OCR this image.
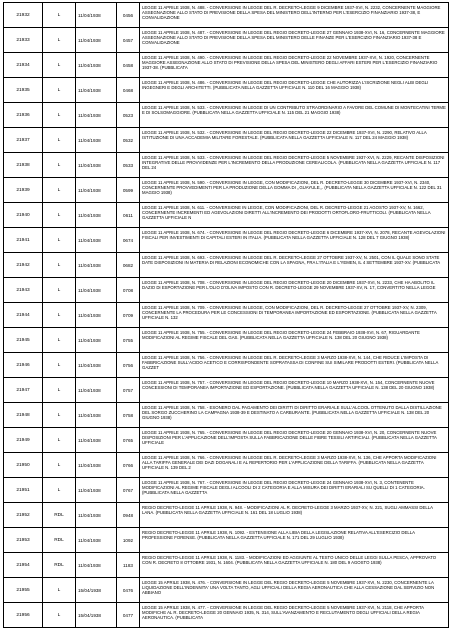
21932	L	11/04/1938	0456	LEGGE 11 APRILE 1938, N. 488. - CONVERSIONE IN LEGGE DEL R. DECRETO-LEGGE 9 DICEMBRE 1937-XVI, N. 2232, CONCERNENTE MAGGIORE ASSEGNAZIONE ALLO STATO DI PREVISIONE DELLA SPESA DEL MINISTERO DELL'INTERNO PER L'ESERCIZIO FINANZIARIO 1937-38, E CONVALIDAZIONE

21933	L	11/04/1938	0457	LEGGE 11 APRILE 1938, N. 487. - CONVERSIONE IN LEGGE DEL REGIO DECRETO-LEGGE 27 GENNAIO 1938-XVI, N. 16, CONCERNENTE MAGGIORE ASSEGNAZIONE ALLO STATO DI PREVISIONE DELLA SPESA DEL MINISTERO DELLE FINANZE PER L'ESERCIZIO FINANZIARIO 1937-38 E CONVALIDAZIONE

21934	L	11/04/1938	0458	LEGGE 11 APRILE 1938, N. 490. - CONVERSIONE IN LEGGE DEL REGIO DECRETO-LEGGE 22 NOVEMBRE 1937-XVI, N. 1920, CONCERNENTE MAGGIORE ASSEGNAZIONE ALLO STATO DI PREVISIONE DELLA SPESA DEL MINISTERO DEGLI AFFARI ESTERI PER L'ESERCIZIO FINANZIARIO 1937-38. (PUBBLICATA

21935	L	11/04/1938	0468	LEGGE 11 APRILE 1938, N. 486. - CONVERSIONE IN LEGGE DEL REGIO DECRETO-LEGGE CHE AUTORIZZA L'ISCRIZIONE NEGLI ALBI DEGLI INGEGNERI E DEGLI ARCHITETTI. (PUBBLICATA NELLA GAZZETTA UFFICIALE N. 110 DEL 16 MAGGIO 1938)

21936	L	11/04/1938	0523	LEGGE 11 APRILE 1938, N. 533. - CONVERSIONE IN LEGGE DI UN CONTRIBUTO STRAORDINARIO A FAVORE DEL COMUNE DI MONTECATINI TERME E DI SOLSOMAGGIORE. (PUBBLICATA NELLA GAZZETTA UFFICIALE N. 115 DEL 21 MAGGIO 1938)

21937	L	11/04/1938	0532	LEGGE 11 APRILE 1938, N. 532. - CONVERSIONE IN LEGGE DEL REGIO DECRETO-LEGGE 22 DICEMBRE 1937-XVI, N. 2290, RELATIVO ALLA ISTITUZIONE DI UNA ACCADEMIA MILITARE FORESTALE. (PUBBLICATA NELLA GAZZETTA UFFICIALE N. 117 DEL 24 MAGGIO 1938)

21938	L	11/04/1938	0533	LEGGE 11 APRILE 1938, N. 533. - CONVERSIONE IN LEGGE DEL REGIO DECRETO-LEGGE 5 NOVEMBRE 1937-XVI, N. 2229, RECANTE DISPOSIZIONI INTEGRATIVE DELLE PROVVIDENZE PER L'INCREMENTO DELLA PRODUZIONE CEREALICOLA. (PUBBLICATA NELLA GAZZETTA UFFICIALE N. 117 DEL 24

21939	L	11/04/1938	0599	LEGGE 11 APRILE 1938, N. 590. - CONVERSIONE IN LEGGE, CON MODIFICAZIONI, DEL R. DECRETO-LEGGE 30 DICEMBRE 1937-XVI, N. 2340, CONCERNENTE PROVVEDIMENTI PER LA PRODUZIONE DELLA GOMMA DI ,,GUAYULE,,. (PUBBLICATA NELLA GAZZETTA UFFICIALE N. 122 DEL 31 MAGGIO 1938)

21940	L	11/04/1938	0611	LEGGE 11 APRILE 1938, N. 611. - CONVERSIONE IN LEGGE, CON MODIFICAZIONI, DEL R. DECRETO-LEGGE 21 AGOSTO 1937-XV, N. 1662, CONCERNENTE INCREMENTI ED AGEVOLAZIONI DIRETTI ALL'INCREMENTO DEI PRODOTTI ORTOFLORO-FRUTTICOLI. (PUBBLICATA NELLA GAZZETTA UFFICIALE N

21941	L	11/04/1938	0674	LEGGE 11 APRILE 1938, N. 674. - CONVERSIONE IN LEGGE DEL REGIO DECRETO-LEGGE 6 DICEMBRE 1937-XVI, N. 2078, RECANTE AGEVOLAZIONI FISCALI PER INVESTIMENTI DI CAPITALI ESTERI IN ITALIA. (PUBBLICATA NELLA GAZZETTA UFFICIALE N. 128 DEL 7 GIUGNO 1938)

21942	L	11/04/1938	0682	LEGGE 11 APRILE 1938, N. 693. - CONVERSIONE IN LEGGE DEL R. DECRETO-LEGGE 27 OTTOBRE 1937-XV, N. 2501, CON IL QUALE SONO STATE DATE DISPOSIZIONI IN MATERIA DI RELAZIONI ECONOMICHE CON LA SPAGNA, FRA L'ITALIA E L'YEMEN, IL 4 SETTEMBRE 1937-XV. (PUBBLICATA

21943	L	11/04/1938	0708	LEGGE 11 APRILE 1938, N. 708. - CONVERSIONE IN LEGGE DEL REGIO DECRETO-LEGGE 20 DICEMBRE 1937-XVI, N. 2233, CHE HA ABOLITO IL DAZIO DI ESPORTAZIONE PER L'OLIO D'OLIVA IMPOSTO CON R. DECRETO-LEGGE 29 NOVEMBRE 1937-XV, N. 17, CONVERTITO NELLA LEGGE

21944	L	11/04/1938	0709	LEGGE 11 APRILE 1938, N. 709. - CONVERSIONE IN LEGGE, CON MODIFICAZIONI, DEL R. DECRETO-LEGGE 27 OTTOBRE 1937-XV, N. 2309, CONCERNENTE LA PROCEDURA PER LE CONCESSIONI DI TEMPORANEA IMPORTAZIONE ED ESPORTAZIONE. (PUBBLICATA NELLA GAZZETTA UFFICIALE N. 132

21945	L	11/04/1938	0755	LEGGE 11 APRILE 1938, N. 755. - CONVERSIONE IN LEGGE DEL REGIO DECRETO-LEGGE 24 FEBBRAIO 1938-XVI, N. 67, RIGUARDANTE MODIFICAZIONI AL REGIME FISCALE DEL GAS. (PUBBLICATA NELLA GAZZETTA UFFICIALE N. 138 DEL 20 GIUGNO 1938)

21946	L	11/04/1938	0756	LEGGE 11 APRILE 1938, N. 756. - CONVERSIONE IN LEGGE DEL R. DECRETO-LEGGE 3 MARZO 1938-XVI, N. 144, CHE RIDUCE L'IMPOSTA DI FABBRICAZIONE SULL'ACIDO ACETICO E CORRISPONDENTE SOPRATASSA DI CONFINE SUI SIMILARE PRODOTTI ESTERI. (PUBBLICATA NELLA GAZZET

21947	L	11/04/1938	0757	LEGGE 11 APRILE 1938, N. 757. - CONVERSIONE IN LEGGE DEL REGIO DECRETO-LEGGE 10 MARZO 1938-XVI, N. 154, CONCERNENTE NUOVE CONCESSIONI DI TEMPORANEA IMPORTAZIONE ED ESPORTAZIONE. (PUBBLICATA NELLA GAZZETTA UFFICIALE N. 138 DEL 20 GIUGNO 1938)

21948	L	11/04/1938	0758	LEGGE 11 APRILE 1938, N. 758. - ESONERO DAL PAGAMENTO DEI DIRITTI DI DIRITTO ERARIALE SULL'ALCOOL OTTENUTO DALLA DISTILLAZIONE DEL SORGO ZUCCHERINO LA CAMPAGNA 1938-39 E DESTINATO A CARBURANTE. (PUBBLICATA NELLA GAZZETTA UFFICIALE N. 138 DEL 20 GIUGNO 1938)

21949	L	11/04/1938	0765	LEGGE 11 APRILE 1938, N. 765. - CONVERSIONE IN LEGGE DEL REGIO DECRETO-LEGGE 20 GENNAIO 1938-XVI, N. 20, CONCERNENTE NUOVE DISPOSIZIONI PER L'APPLICAZIONE DELL'IMPOSTA SULLA FABBRICAZIONE DELLE FIBRE TESSILI ARTIFICIALI. (PUBBLICATA NELLA GAZZETTA UFFICIALE

21950	L	11/04/1938	0766	LEGGE 11 APRILE 1938, N. 766. - CONVERSIONE IN LEGGE DEL R. DECRETO-LEGGE 3 MARZO 1938-XVI, N. 136, CHE APPORTA MODIFICAZIONI ALLA TARIFFA GENERALE DEI DAZI DOGANALI E AL REPERTORIO PER L'APPLICAZIONE DELLA TARIFFA. (PUBBLICATA NELLA GAZZETTA UFFICIALE N. 139 DEL 2

21951	L	11/04/1938	0767	LEGGE 11 APRILE 1938, N. 767. - CONVERSIONE IN LEGGE DEL REGIO DECRETO-LEGGE 24 GENNAIO 1938-XVI, N. 3, CONTENENTE MODIFICAZIONI AL REGIME FISCALE DEGLI ALCOOLI DI 2 CATEGORIA E ALLA MISURA DEI DIRITTI ERARIALI SU QUELLI DI 1 CATEGORIA. (PUBBLICATA NELLA GAZZETTA

21952	RDL	11/04/1938	0948	REGIO DECRETO-LEGGE 11 APRILE 1938, N. 948. - MODIFICAZIONI AL R. DECRETO-LEGGE 3 MARZO 1937-XV, N. 221, SUGLI AMMASSI DELLA LANA. (PUBBLICATA NELLA GAZZETTA UFFICIALE N. 161 DEL 18 LUGLIO 1938)

21953	RDL	11/04/1938	1092	REGIO DECRETO-LEGGE 11 APRILE 1938, N. 1092. - ESTENSIONE ALLA LIBIA DELLA LEGISLAZIONE RELATIVA ALL'ESERCIZIO DELLA PROFESSIONE FORENSE. (PUBBLICATA NELLA GAZZETTA UFFICIALE N. 171 DEL 29 LUGLIO 1938)

21954	RDL	11/04/1938	1183	REGIO DECRETO-LEGGE 11 APRILE 1938, N. 1183. - MODIFICAZIONI ED AGGIUNTE AL TESTO UNICO DELLE LEGGI SULLA PESCA, APPROVATO CON R. DECRETO 8 OTTOBRE 1931, N. 1604. (PUBBLICATA NELLA GAZZETTA UFFICIALE N. 180 DEL 9 AGOSTO 1938)

21955	L	15/04/1938	0476	LEGGE 15 APRILE 1938, N. 476. - CONVERSIONE IN LEGGE DEL REGIO DECRETO-LEGGE 5 NOVEMBRE 1937-XVI, N. 2230, CONCERNENTE LA LIQUIDAZIONE DELL'INDENNITA' UNA VOLTA TANTO, AGLI UFFICIALI DELLA REGIA AERONAUTICA CHE ALLA CESSAZIONE DAL SERVIZIO NON ABBIANO

21956	L	15/04/1938	0477	LEGGE 15 APRILE 1938, N. 477. - CONVERSIONE IN LEGGE DEL REGIO DECRETO-LEGGE 5 NOVEMBRE 1937-XVI, N. 2118, CHE APPORTA MODIFICHE AL R. DECRETO-LEGGE 20 GENNAIO 1935, N. 314, SULL'AVANZAMENTO E RECLUTAMENTO DEGLI UFFICIALI DELLA REGIA AERONAUTICA. (PUBBLICATA
